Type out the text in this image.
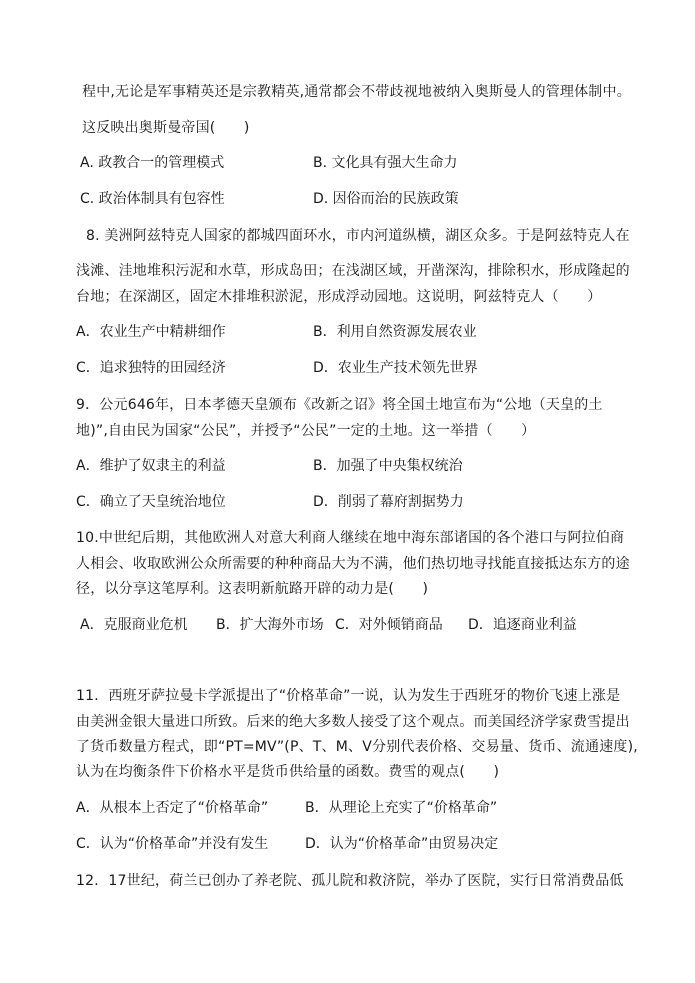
程中,无论是军事精英还是宗教精英,通常都会不带歧视地被纳入奥斯曼人的管理体制中。
这反映出奥斯曼帝国(　　)
A. 政教合一的管理模式	B. 文化具有强大生命力
C. 政治体制具有包容性	D. 因俗而治的民族政策
8. 美洲阿兹特克人国家的都城四面环水，市内河道纵横，湖区众多。于是阿兹特克人在
浅滩、洼地堆积污泥和水草，形成岛田；在浅湖区域，开凿深沟，排除积水，形成隆起的
台地；在深湖区，固定木排堆积淤泥，形成浮动园地。这说明，阿兹特克人（　　）
A．农业生产中精耕细作	B．利用自然资源发展农业
C．追求独特的田园经济	D．农业生产技术领先世界
9．公元646年，日本孝德天皇颁布《改新之诏》将全国土地宣布为“公地（天皇的土
地)”,自由民为国家“公民”，并授予“公民”一定的土地。这一举措（　　）
A．维护了奴隶主的利益	B．加强了中央集权统治
C．确立了天皇统治地位	D．削弱了幕府割据势力
10.中世纪后期，其他欧洲人对意大利商人继续在地中海东部诸国的各个港口与阿拉伯商
人相会、收取欧洲公众所需要的种种商品大为不满，他们热切地寻找能直接抵达东方的途
径，以分享这笔厚利。这表明新航路开辟的动力是(　　)
A．克服商业危机 B．扩大海外市场 C．对外倾销商品 D．追逐商业利益
11．西班牙萨拉曼卡学派提出了“价格革命”一说，认为发生于西班牙的物价飞速上涨是
由美洲金银大量进口所致。后来的绝大多数人接受了这个观点。而美国经济学家费雪提出
了货币数量方程式，即“PT=MV”(P、T、M、V分别代表价格、交易量、货币、流通速度),
认为在均衡条件下价格水平是货币供给量的函数。费雪的观点(　　)
A．从根本上否定了“价格革命”	B．从理论上充实了“价格革命”
C．认为“价格革命”并没有发生	D．认为“价格革命”由贸易决定
12．17世纪，荷兰已创办了养老院、孤儿院和救济院，举办了医院，实行日常消费品低
